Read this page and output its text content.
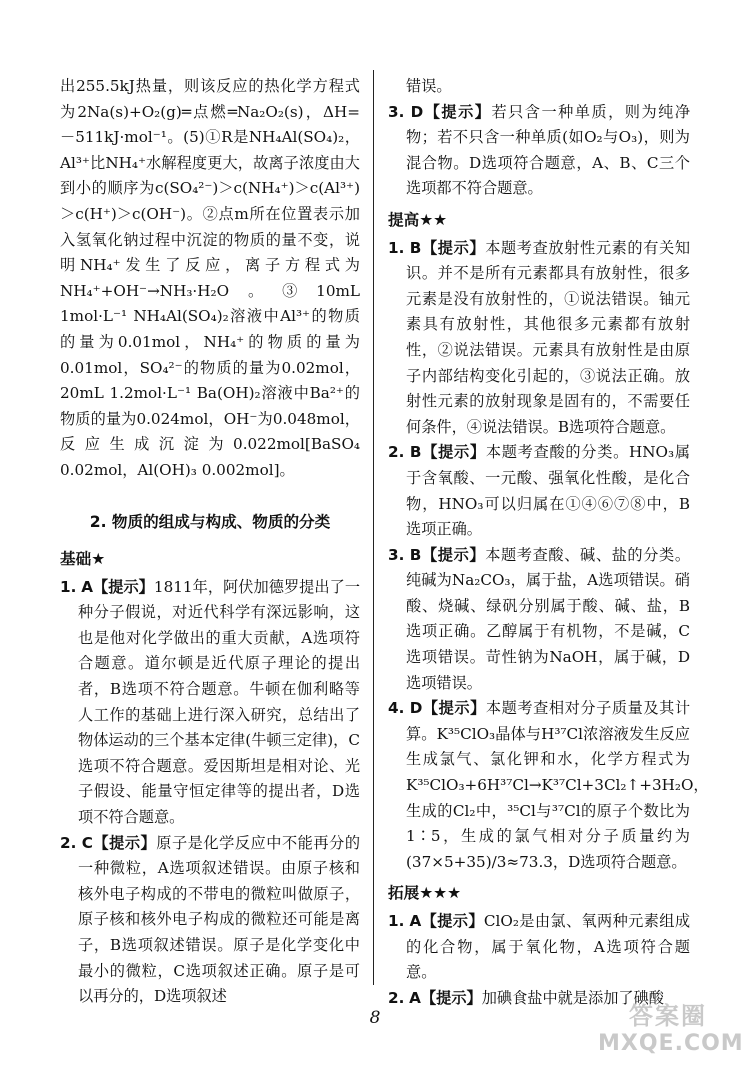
出255.5kJ热量，则该反应的热化学方程式为2Na(s)+O₂(g)═点燃═Na₂O₂(s)，ΔH=－511kJ·mol⁻¹。(5)①R是NH₄Al(SO₄)₂，Al³⁺比NH₄⁺水解程度更大，故离子浓度由大到小的顺序为c(SO₄²⁻)＞c(NH₄⁺)＞c(Al³⁺)＞c(H⁺)＞c(OH⁻)。②点m所在位置表示加入氢氧化钠过程中沉淀的物质的量不变，说明NH₄⁺发生了反应，离子方程式为NH₄⁺+OH⁻→NH₃·H₂O。③10mL 1mol·L⁻¹ NH₄Al(SO₄)₂溶液中Al³⁺的物质的量为0.01mol，NH₄⁺的物质的量为0.01mol，SO₄²⁻的物质的量为0.02mol，20mL 1.2mol·L⁻¹ Ba(OH)₂溶液中Ba²⁺的物质的量为0.024mol，OH⁻为0.048mol，反应生成沉淀为0.022mol[BaSO₄ 0.02mol，Al(OH)₃ 0.002mol]。

2. 物质的组成与构成、物质的分类
基础★

1. A【提示】1811年，阿伏加德罗提出了一种分子假说，对近代科学有深远影响，这也是他对化学做出的重大贡献，A选项符合题意。道尔顿是近代原子理论的提出者，B选项不符合题意。牛顿在伽利略等人工作的基础上进行深入研究，总结出了物体运动的三个基本定律(牛顿三定律)，C选项不符合题意。爱因斯坦是相对论、光子假设、能量守恒定律等的提出者，D选项不符合题意。

2. C【提示】原子是化学反应中不能再分的一种微粒，A选项叙述错误。由原子核和核外电子构成的不带电的微粒叫做原子，原子核和核外电子构成的微粒还可能是离子，B选项叙述错误。原子是化学变化中最小的微粒，C选项叙述正确。原子是可以再分的，D选项叙述

错误。

3. D【提示】若只含一种单质，则为纯净物；若不只含一种单质(如O₂与O₃)，则为混合物。D选项符合题意，A、B、C三个选项都不符合题意。

提高★★

1. B【提示】本题考查放射性元素的有关知识。并不是所有元素都具有放射性，很多元素是没有放射性的，①说法错误。铀元素具有放射性，其他很多元素都有放射性，②说法错误。元素具有放射性是由原子内部结构变化引起的，③说法正确。放射性元素的放射现象是固有的，不需要任何条件，④说法错误。B选项符合题意。

2. B【提示】本题考查酸的分类。HNO₃属于含氧酸、一元酸、强氧化性酸，是化合物，HNO₃可以归属在①④⑥⑦⑧中，B选项正确。

3. B【提示】本题考查酸、碱、盐的分类。纯碱为Na₂CO₃，属于盐，A选项错误。硝酸、烧碱、绿矾分别属于酸、碱、盐，B选项正确。乙醇属于有机物，不是碱，C选项错误。苛性钠为NaOH，属于碱，D选项错误。

4. D【提示】本题考查相对分子质量及其计算。K³⁵ClO₃晶体与H³⁷Cl浓溶液发生反应生成氯气、氯化钾和水，化学方程式为K³⁵ClO₃+6H³⁷Cl→K³⁷Cl+3Cl₂↑+3H₂O，生成的Cl₂中，³⁵Cl与³⁷Cl的原子个数比为1∶5，生成的氯气相对分子质量约为(37×5+35)/3≈73.3，D选项符合题意。

拓展★★★

1. A【提示】ClO₂是由氯、氧两种元素组成的化合物，属于氧化物，A选项符合题意。

2. A【提示】加碘食盐中就是添加了碘酸

8	答案圈
MXQE.COM
